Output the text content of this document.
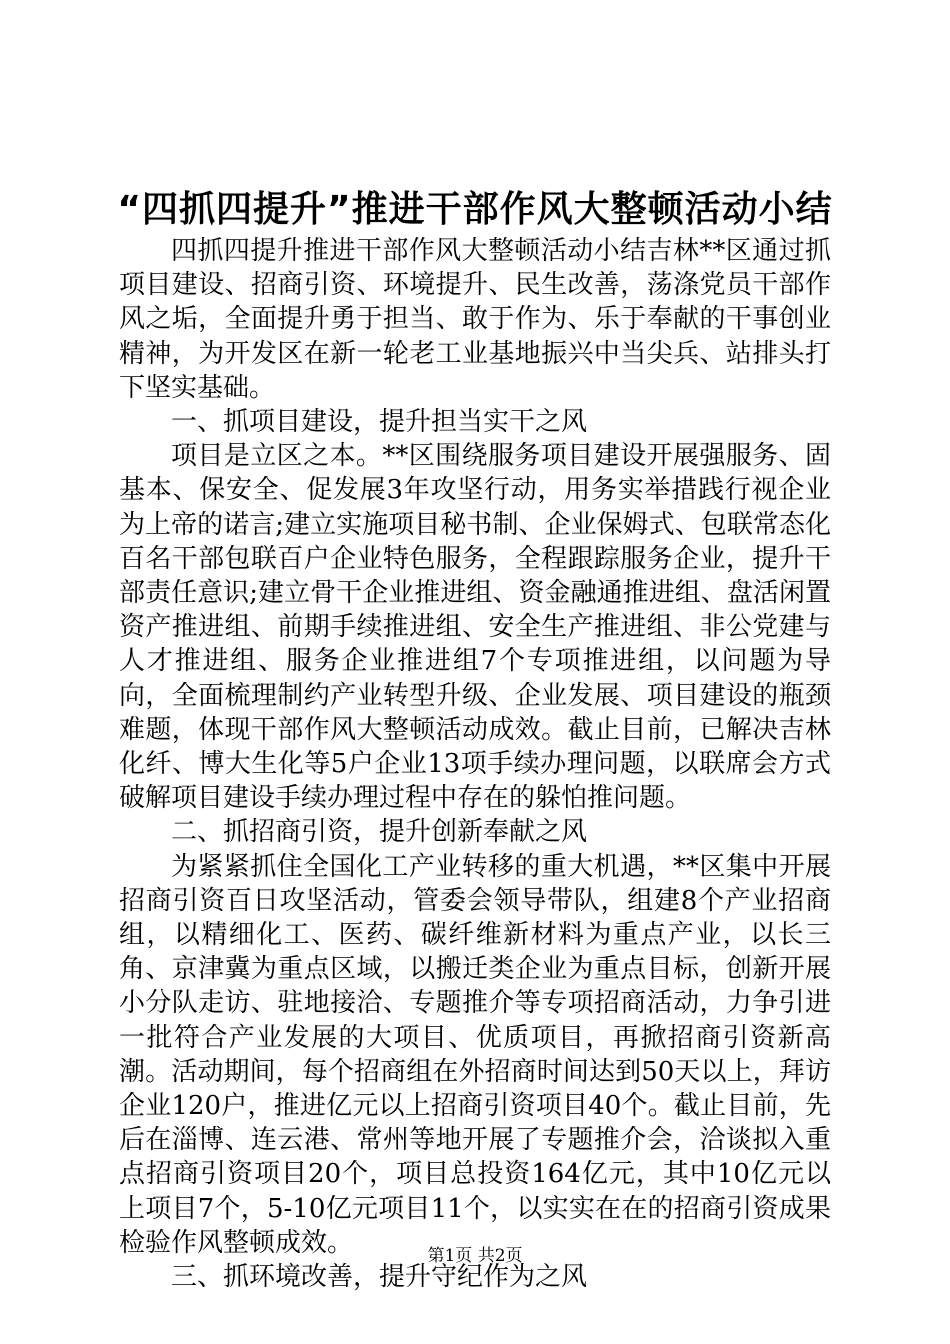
“四抓四提升”推进干部作风大整顿活动小结

四抓四提升推进干部作风大整顿活动小结吉林**区通过抓项目建设、招商引资、环境提升、民生改善，荡涤党员干部作风之垢，全面提升勇于担当、敢于作为、乐于奉献的干事创业精神，为开发区在新一轮老工业基地振兴中当尖兵、站排头打下坚实基础。

一、抓项目建设，提升担当实干之风

项目是立区之本。**区围绕服务项目建设开展强服务、固基本、保安全、促发展3年攻坚行动，用务实举措践行视企业为上帝的诺言;建立实施项目秘书制、企业保姆式、包联常态化百名干部包联百户企业特色服务，全程跟踪服务企业，提升干部责任意识;建立骨干企业推进组、资金融通推进组、盘活闲置资产推进组、前期手续推进组、安全生产推进组、非公党建与人才推进组、服务企业推进组7个专项推进组，以问题为导向，全面梳理制约产业转型升级、企业发展、项目建设的瓶颈难题，体现干部作风大整顿活动成效。截止目前，已解决吉林化纤、博大生化等5户企业13项手续办理问题，以联席会方式破解项目建设手续办理过程中存在的躲怕推问题。

二、抓招商引资，提升创新奉献之风

为紧紧抓住全国化工产业转移的重大机遇，**区集中开展招商引资百日攻坚活动，管委会领导带队，组建8个产业招商组，以精细化工、医药、碳纤维新材料为重点产业，以长三角、京津冀为重点区域，以搬迁类企业为重点目标，创新开展小分队走访、驻地接洽、专题推介等专项招商活动，力争引进一批符合产业发展的大项目、优质项目，再掀招商引资新高潮。活动期间，每个招商组在外招商时间达到50天以上，拜访企业120户，推进亿元以上招商引资项目40个。截止目前，先后在淄博、连云港、常州等地开展了专题推介会，洽谈拟入重点招商引资项目20个，项目总投资164亿元，其中10亿元以上项目7个，5-10亿元项目11个，以实实在在的招商引资成果检验作风整顿成效。

三、抓环境改善，提升守纪作为之风

第1页 共2页
